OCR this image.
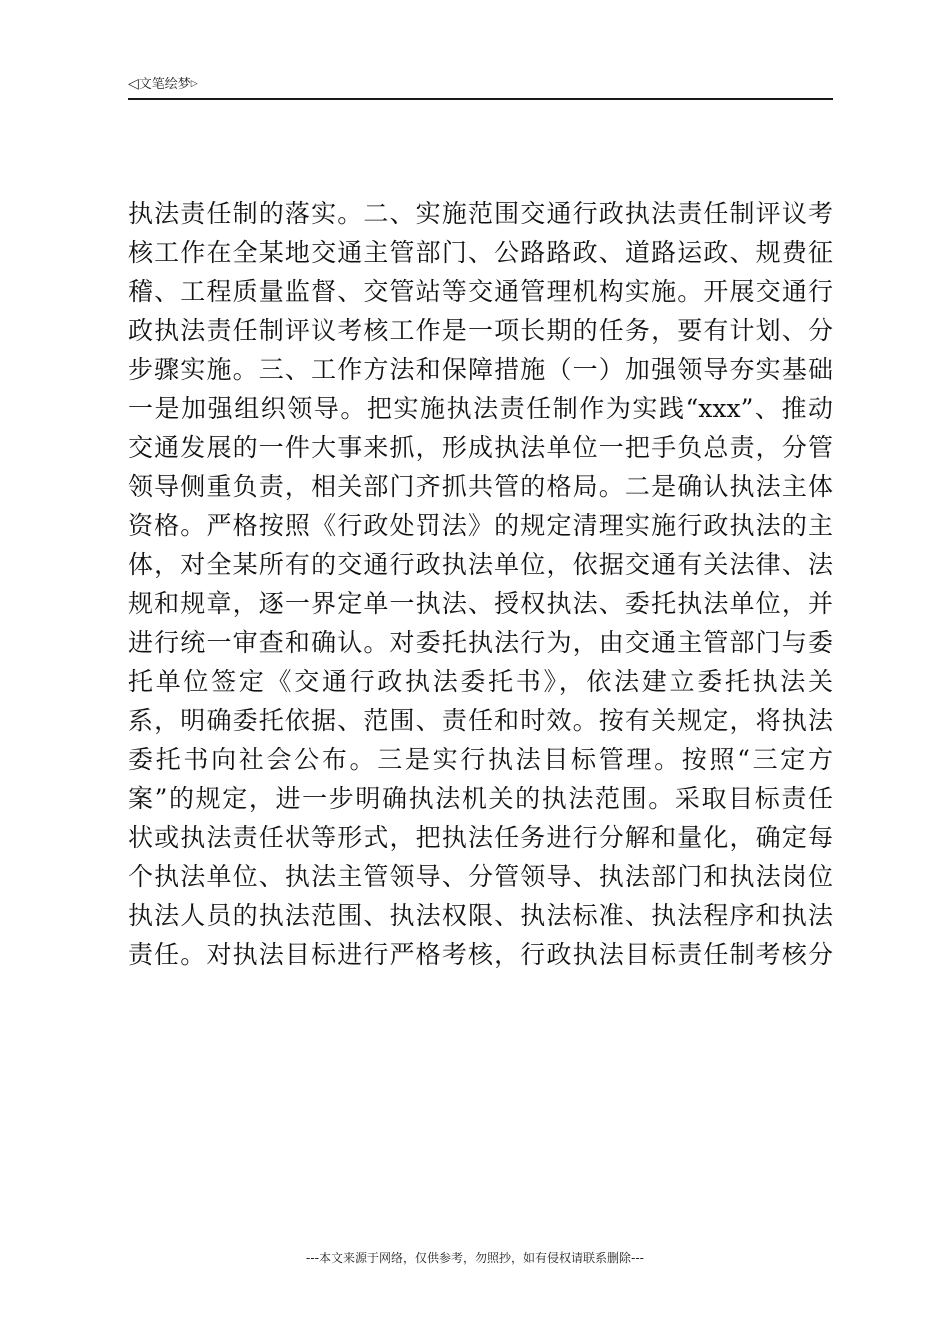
◁文笔绘梦▷
执法责任制的落实。二、实施范围交通行政执法责任制评议考
核工作在全某地交通主管部门、公路路政、道路运政、规费征
稽、工程质量监督、交管站等交通管理机构实施。开展交通行
政执法责任制评议考核工作是一项长期的任务，要有计划、分
步骤实施。三、工作方法和保障措施（一）加强领导夯实基础
一是加强组织领导。把实施执法责任制作为实践“xxx”、推动
交通发展的一件大事来抓，形成执法单位一把手负总责，分管
领导侧重负责，相关部门齐抓共管的格局。二是确认执法主体
资格。严格按照《行政处罚法》的规定清理实施行政执法的主
体，对全某所有的交通行政执法单位，依据交通有关法律、法
规和规章，逐一界定单一执法、授权执法、委托执法单位，并
进行统一审查和确认。对委托执法行为，由交通主管部门与委
托单位签定《交通行政执法委托书》，依法建立委托执法关
系，明确委托依据、范围、责任和时效。按有关规定，将执法
委托书向社会公布。三是实行执法目标管理。按照“三定方
案”的规定，进一步明确执法机关的执法范围。采取目标责任
状或执法责任状等形式，把执法任务进行分解和量化，确定每
个执法单位、执法主管领导、分管领导、执法部门和执法岗位
执法人员的执法范围、执法权限、执法标准、执法程序和执法
责任。对执法目标进行严格考核，行政执法目标责任制考核分
---本文来源于网络，仅供参考，勿照抄，如有侵权请联系删除---
